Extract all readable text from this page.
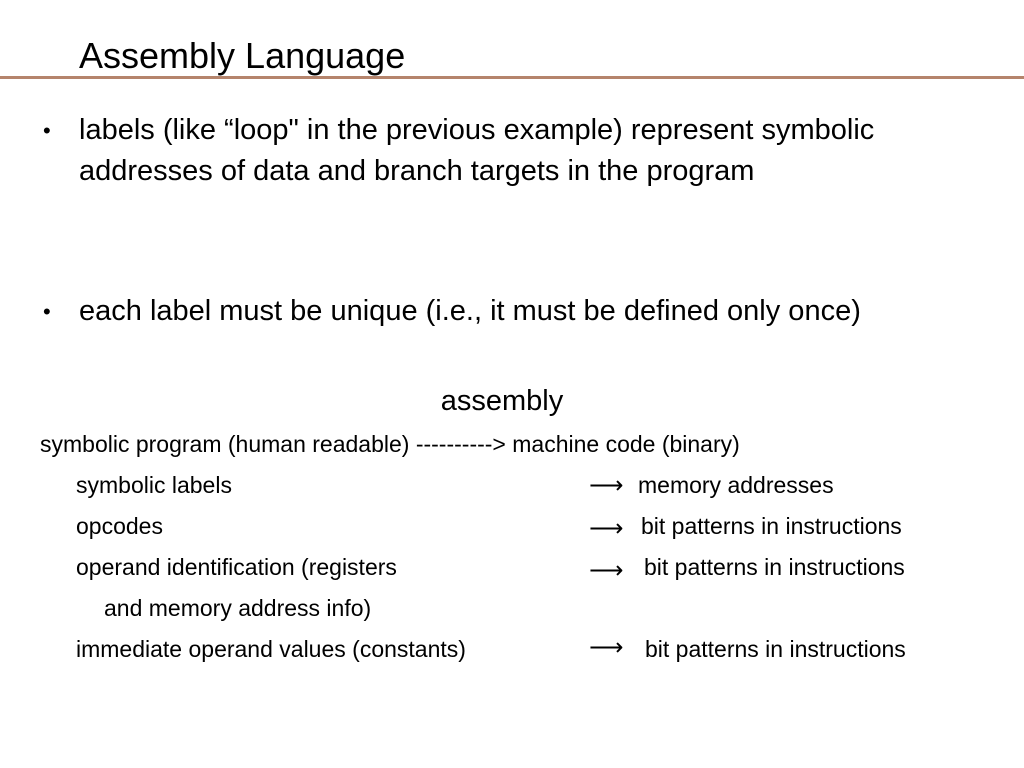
Assembly Language
• labels (like “loop" in the previous example) represent symbolic addresses of data and branch targets in the program
• each label must be unique (i.e., it must be defined only once)
assembly
symbolic program (human readable) ----------> machine code (binary)
symbolic labels	⟶ memory addresses
opcodes	⟶ bit patterns in instructions
operand identification (registers	⟶ bit patterns in instructions
and memory address info)
immediate operand values (constants)	⟶ bit patterns in instructions
